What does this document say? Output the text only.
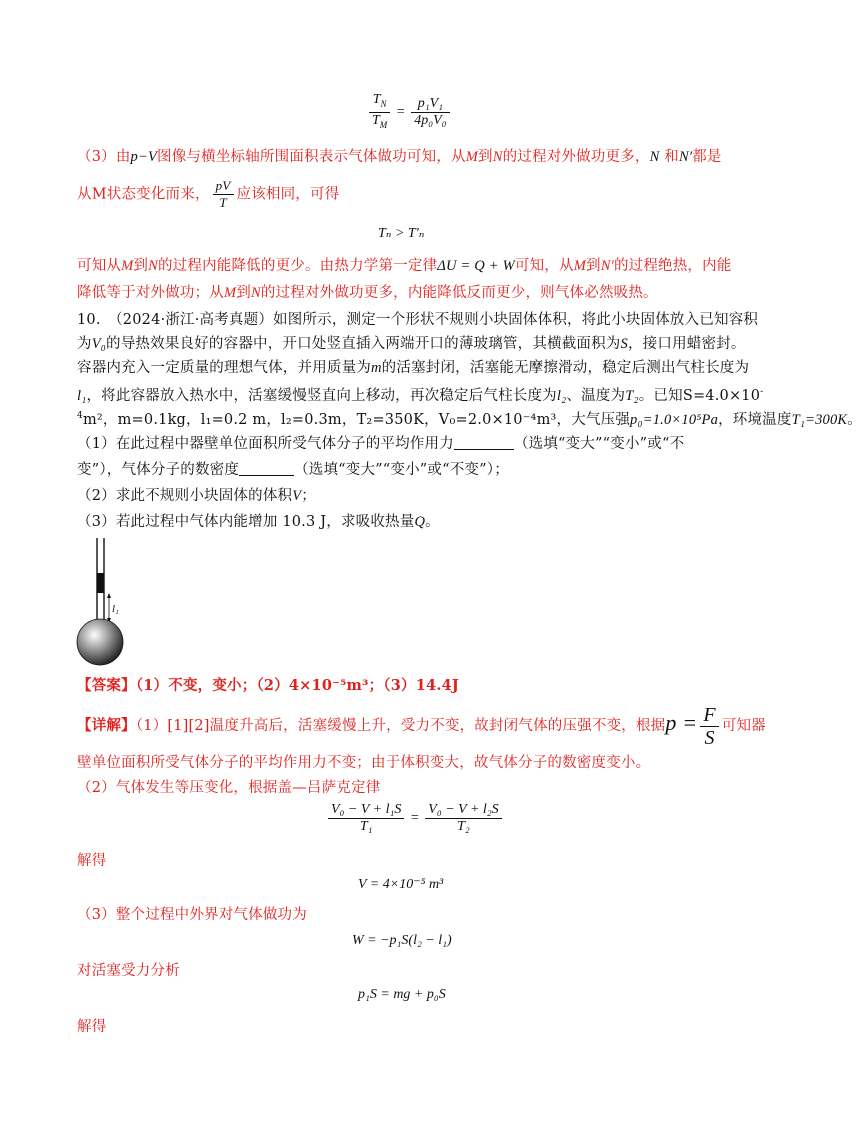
$\frac{T_N}{T_M} = \frac{\text{p₁V₁}}{\text{4p₀V₀}}$
（3）由p−V图像与横坐标轴所围面积表示气体做功可知，从M到N的过程对外做功更多，N 和N′都是
从M状态变化而来， $\frac{pV}{T}$ 应该相同，可得
Tₙ > T′ₙ
可知从M到N的过程内能降低的更少。由热力学第一定律ΔU = Q + W可知，从M到N′的过程绝热，内能
降低等于对外做功；从M到N的过程对外做功更多，内能降低反而更少，则气体必然吸热。
10.　（2024·浙江·高考真题）如图所示，测定一个形状不规则小块固体体积，将此小块固体放入已知容积
为V₀的导热效果良好的容器中，开口处竖直插入两端开口的薄玻璃管，其横截面积为S，接口用蜡密封。
容器内充入一定质量的理想气体，并用质量为m的活塞封闭，活塞能无摩擦滑动，稳定后测出气柱长度为
l₁，将此容器放入热水中，活塞缓慢竖直向上移动，再次稳定后气柱长度为l₂、温度为T₂。已知S=4.0×10-
$^4$m²，m=0.1kg，l₁=0.2 m，l₂=0.3m，T₂=350K，V₀=2.0×10⁻⁴m³，大气压强p₀=1.0×10⁵Pa，环境温度T₁=300K。
（1）在此过程中器壁单位面积所受气体分子的平均作用力	（选填“变大”“变小”或“不
变”），气体分子的数密度	（选填“变大”“变小”或“不变”）；
（2）求此不规则小块固体的体积V；
（3）若此过程中气体内能增加 10.3 J，求吸收热量Q。
l₁
【答案】（1）不变，变小；（2）4×10⁻⁵m³；（3）14.4J
【详解】（1）[1][2]温度升高后，活塞缓慢上升，受力不变，故封闭气体的压强不变，根据$p = \frac{F}{S}$ 可知器
壁单位面积所受气体分子的平均作用力不变；由于体积变大，故气体分子的数密度变小。
（2）气体发生等压变化，根据盖—吕萨克定律
$\frac{\text{V₀ − V + l₁S}}{\text{T₁}} = \frac{\text{V₀ − V + l₂S}}{\text{T₂}}$
解得
V = 4×10⁻⁵ m³
（3）整个过程中外界对气体做功为
W = −p₁S(l₂ − l₁)
对活塞受力分析
p₁S = mg + p₀S
解得
